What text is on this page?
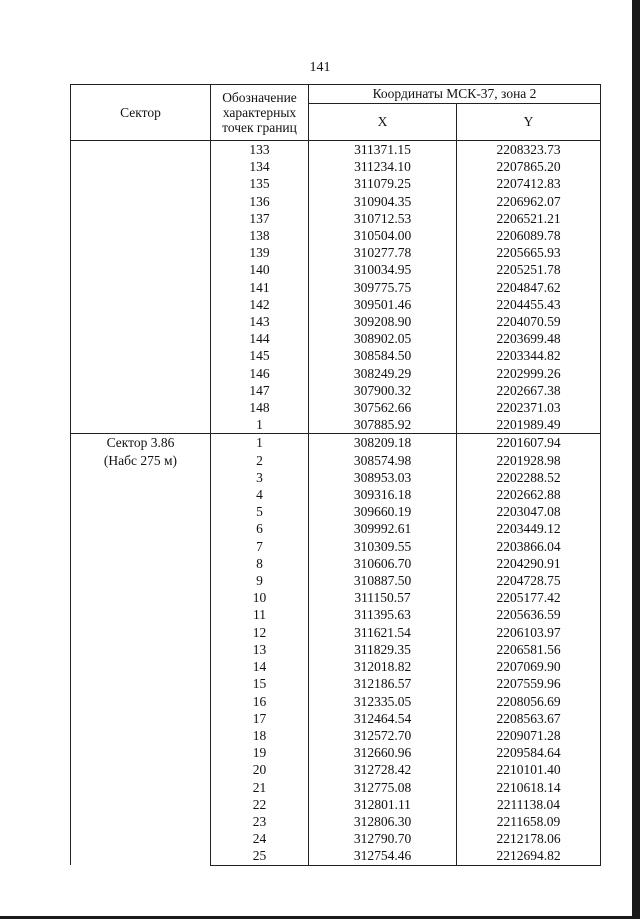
141
Сектор	Обозначение
характерных
точек границ	Координаты МСК-37, зона 2	
		X	Y

	133	311371.15	2208323.73
	134	311234.10	2207865.20
	135	311079.25	2207412.83
	136	310904.35	2206962.07
	137	310712.53	2206521.21
	138	310504.00	2206089.78
	139	310277.78	2205665.93
	140	310034.95	2205251.78
	141	309775.75	2204847.62
	142	309501.46	2204455.43
	143	309208.90	2204070.59
	144	308902.05	2203699.48
	145	308584.50	2203344.82
	146	308249.29	2202999.26
	147	307900.32	2202667.38
	148	307562.66	2202371.03
	1	307885.92	2201989.49

Сектор 3.86
(Набс 275 м)	1	308209.18	2201607.94
	2	308574.98	2201928.98
	3	308953.03	2202288.52
	4	309316.18	2202662.88
	5	309660.19	2203047.08
	6	309992.61	2203449.12
	7	310309.55	2203866.04
	8	310606.70	2204290.91
	9	310887.50	2204728.75
	10	311150.57	2205177.42
	11	311395.63	2205636.59
	12	311621.54	2206103.97
	13	311829.35	2206581.56
	14	312018.82	2207069.90
	15	312186.57	2207559.96
	16	312335.05	2208056.69
	17	312464.54	2208563.67
	18	312572.70	2209071.28
	19	312660.96	2209584.64
	20	312728.42	2210101.40
	21	312775.08	2210618.14
	22	312801.11	2211138.04
	23	312806.30	2211658.09
	24	312790.70	2212178.06
	25	312754.46	2212694.82
